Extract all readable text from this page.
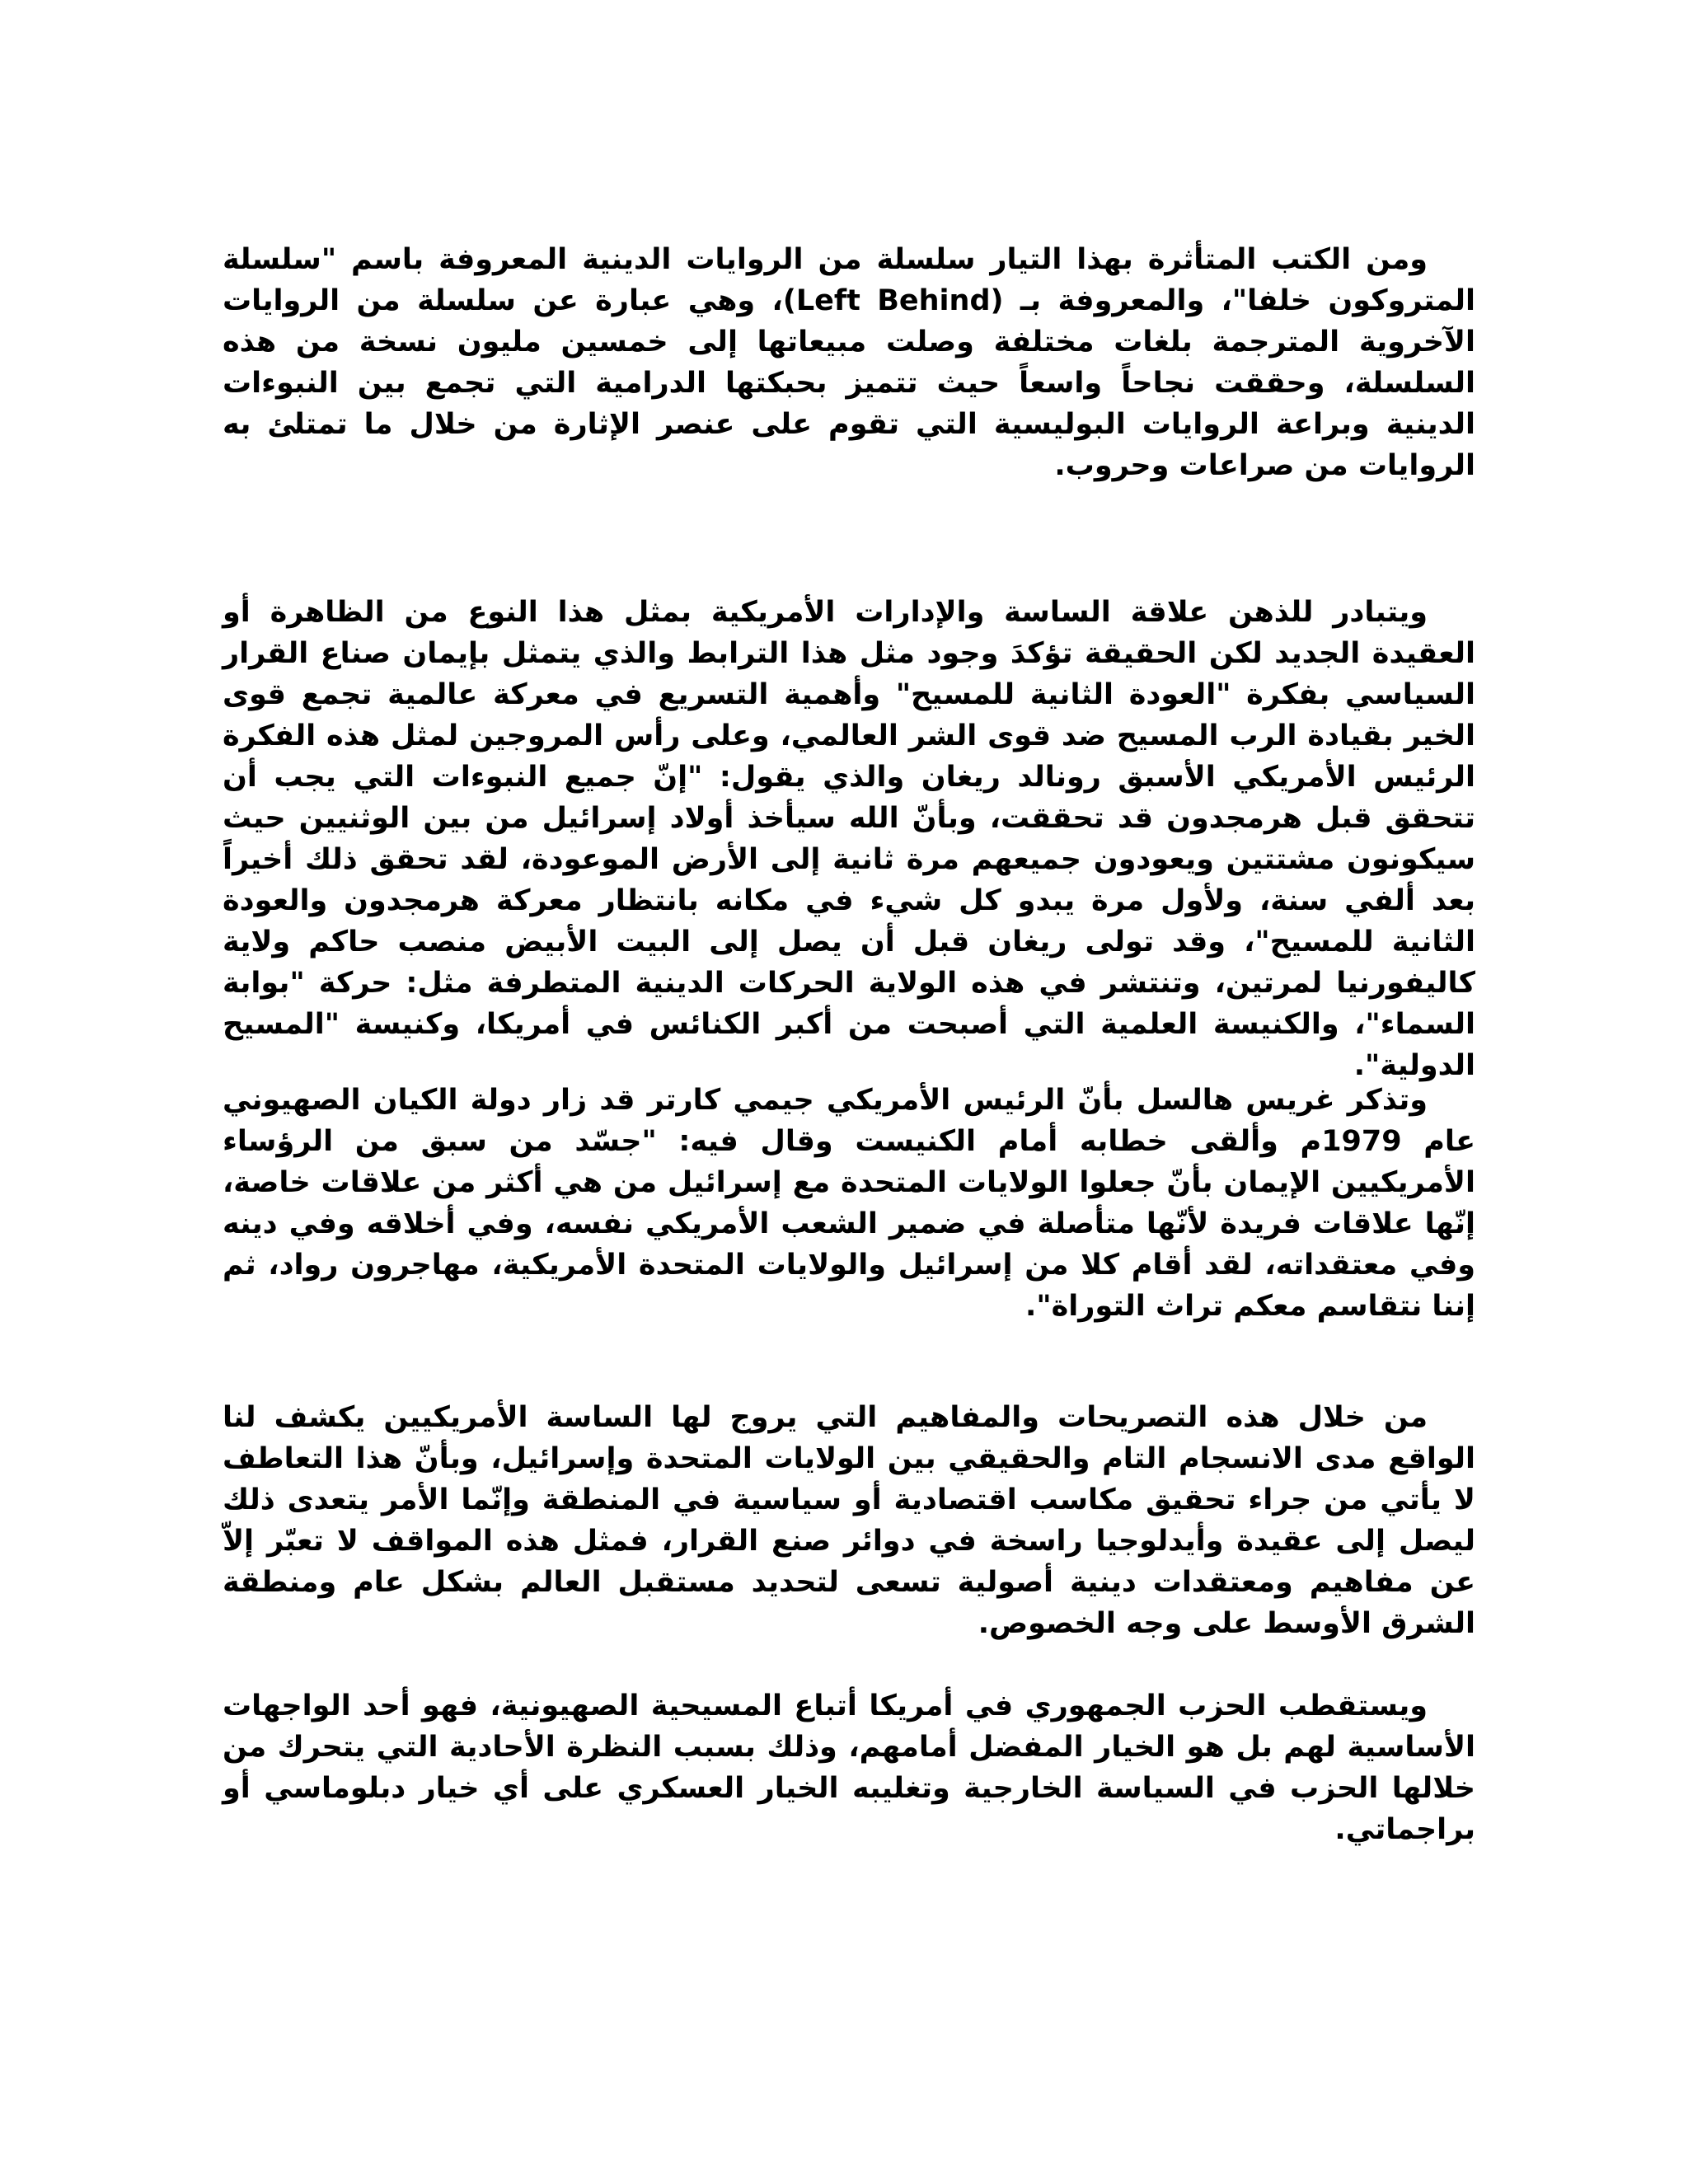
ومن الكتب المتأثرة بهذا التيار سلسلة من الروايات الدينية المعروفة باسم "سلسلة المتروكون خلفا"، والمعروفة بـ (Left Behind)، وهي عبارة عن سلسلة من الروايات الآخروية المترجمة بلغات مختلفة وصلت مبيعاتها إلى خمسين مليون نسخة من هذه السلسلة، وحققت نجاحاً واسعاً حيث تتميز بحبكتها الدرامية التي تجمع بين النبوءات الدينية وبراعة الروايات البوليسية التي تقوم على عنصر الإثارة من خلال ما تمتلئ به الروايات من صراعات وحروب.

ويتبادر للذهن علاقة الساسة والإدارات الأمريكية بمثل هذا النوع من الظاهرة أو العقيدة الجديد لكن الحقيقة تؤكدَ وجود مثل هذا الترابط والذي يتمثل بإيمان صناع القرار السياسي بفكرة "العودة الثانية للمسيح" وأهمية التسريع في معركة عالمية تجمع قوى الخير بقيادة الرب المسيح ضد قوى الشر العالمي، وعلى رأس المروجين لمثل هذه الفكرة الرئيس الأمريكي الأسبق رونالد ريغان والذي يقول: "إنّ جميع النبوءات التي يجب أن تتحقق قبل هرمجدون قد تحققت، وبأنّ الله سيأخذ أولاد إسرائيل من بين الوثنيين حيث سيكونون مشتتين ويعودون جميعهم مرة ثانية إلى الأرض الموعودة، لقد تحقق ذلك أخيراً بعد ألفي سنة، ولأول مرة يبدو كل شيء في مكانه بانتظار معركة هرمجدون والعودة الثانية للمسيح"، وقد تولى ريغان قبل أن يصل إلى البيت الأبيض منصب حاكم ولاية كاليفورنيا لمرتين، وتنتشر في هذه الولاية الحركات الدينية المتطرفة مثل: حركة "بوابة السماء"، والكنيسة العلمية التي أصبحت من أكبر الكنائس في أمريكا، وكنيسة "المسيح الدولية".

وتذكر غريس هالسل بأنّ الرئيس الأمريكي جيمي كارتر قد زار دولة الكيان الصهيوني عام 1979م وألقى خطابه أمام الكنيست وقال فيه: "جسّد من سبق من الرؤساء الأمريكيين الإيمان بأنّ جعلوا الولايات المتحدة مع إسرائيل من هي أكثر من علاقات خاصة، إنّها علاقات فريدة لأنّها متأصلة في ضمير الشعب الأمريكي نفسه، وفي أخلاقه وفي دينه وفي معتقداته، لقد أقام كلا من إسرائيل والولايات المتحدة الأمريكية، مهاجرون رواد، ثم إننا نتقاسم معكم تراث التوراة".

من خلال هذه التصريحات والمفاهيم التي يروج لها الساسة الأمريكيين يكشف لنا الواقع مدى الانسجام التام والحقيقي بين الولايات المتحدة وإسرائيل، وبأنّ هذا التعاطف لا يأتي من جراء تحقيق مكاسب اقتصادية أو سياسية في المنطقة وإنّما الأمر يتعدى ذلك ليصل إلى عقيدة وأيدلوجيا راسخة في دوائر صنع القرار، فمثل هذه المواقف لا تعبّر إلاّ عن مفاهيم ومعتقدات دينية أصولية تسعى لتحديد مستقبل العالم بشكل عام ومنطقة الشرق الأوسط على وجه الخصوص.

ويستقطب الحزب الجمهوري في أمريكا أتباع المسيحية الصهيونية، فهو أحد الواجهات الأساسية لهم بل هو الخيار المفضل أمامهم، وذلك بسبب النظرة الأحادية التي يتحرك من خلالها الحزب في السياسة الخارجية وتغليبه الخيار العسكري على أي خيار دبلوماسي أو براجماتي.
